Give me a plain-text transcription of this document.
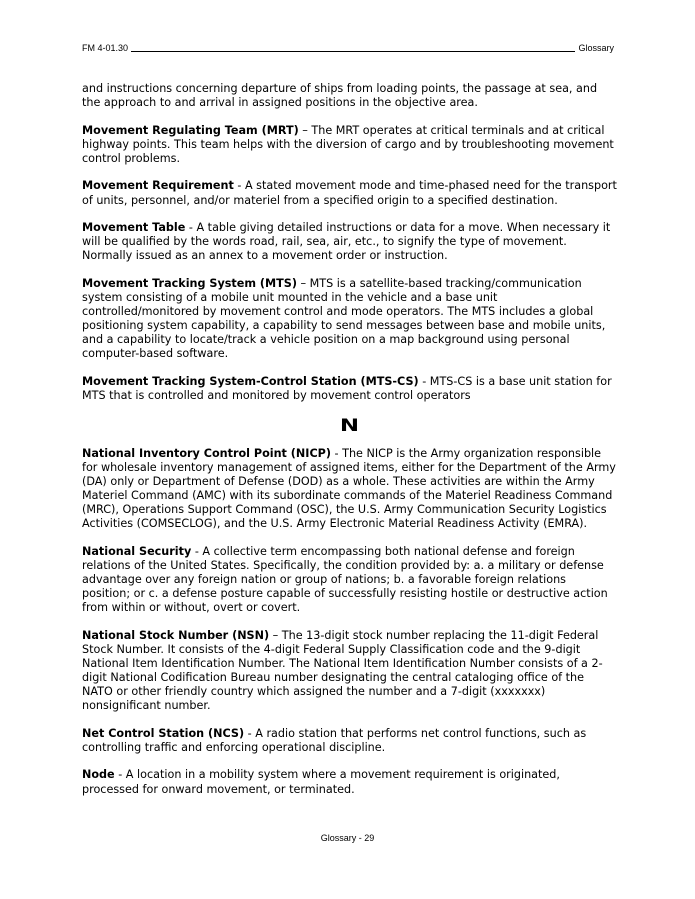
FM 4-01.30	Glossary

and instructions concerning departure of ships from loading points, the passage at sea, and the approach to and arrival in assigned positions in the objective area.

Movement Regulating Team (MRT) – The MRT operates at critical terminals and at critical highway points. This team helps with the diversion of cargo and by troubleshooting movement control problems.

Movement Requirement - A stated movement mode and time-phased need for the transport of units, personnel, and/or materiel from a specified origin to a specified destination.

Movement Table - A table giving detailed instructions or data for a move. When necessary it will be qualified by the words road, rail, sea, air, etc., to signify the type of movement. Normally issued as an annex to a movement order or instruction.

Movement Tracking System (MTS) – MTS is a satellite-based tracking/communication system consisting of a mobile unit mounted in the vehicle and a base unit controlled/monitored by movement control and mode operators. The MTS includes a global positioning system capability, a capability to send messages between base and mobile units, and a capability to locate/track a vehicle position on a map background using personal computer-based software.

Movement Tracking System-Control Station (MTS-CS) - MTS-CS is a base unit station for MTS that is controlled and monitored by movement control operators

N

National Inventory Control Point (NICP) - The NICP is the Army organization responsible for wholesale inventory management of assigned items, either for the Department of the Army (DA) only or Department of Defense (DOD) as a whole. These activities are within the Army Materiel Command (AMC) with its subordinate commands of the Materiel Readiness Command (MRC), Operations Support Command (OSC), the U.S. Army Communication Security Logistics Activities (COMSECLOG), and the U.S. Army Electronic Material Readiness Activity (EMRA).

National Security - A collective term encompassing both national defense and foreign relations of the United States. Specifically, the condition provided by: a. a military or defense advantage over any foreign nation or group of nations; b. a favorable foreign relations position; or c. a defense posture capable of successfully resisting hostile or destructive action from within or without, overt or covert.

National Stock Number (NSN) – The 13-digit stock number replacing the 11-digit Federal Stock Number. It consists of the 4-digit Federal Supply Classification code and the 9-digit National Item Identification Number. The National Item Identification Number consists of a 2-digit National Codification Bureau number designating the central cataloging office of the NATO or other friendly country which assigned the number and a 7-digit (xxxxxxx) nonsignificant number.

Net Control Station (NCS) - A radio station that performs net control functions, such as controlling traffic and enforcing operational discipline.

Node - A location in a mobility system where a movement requirement is originated, processed for onward movement, or terminated.

Glossary - 29
